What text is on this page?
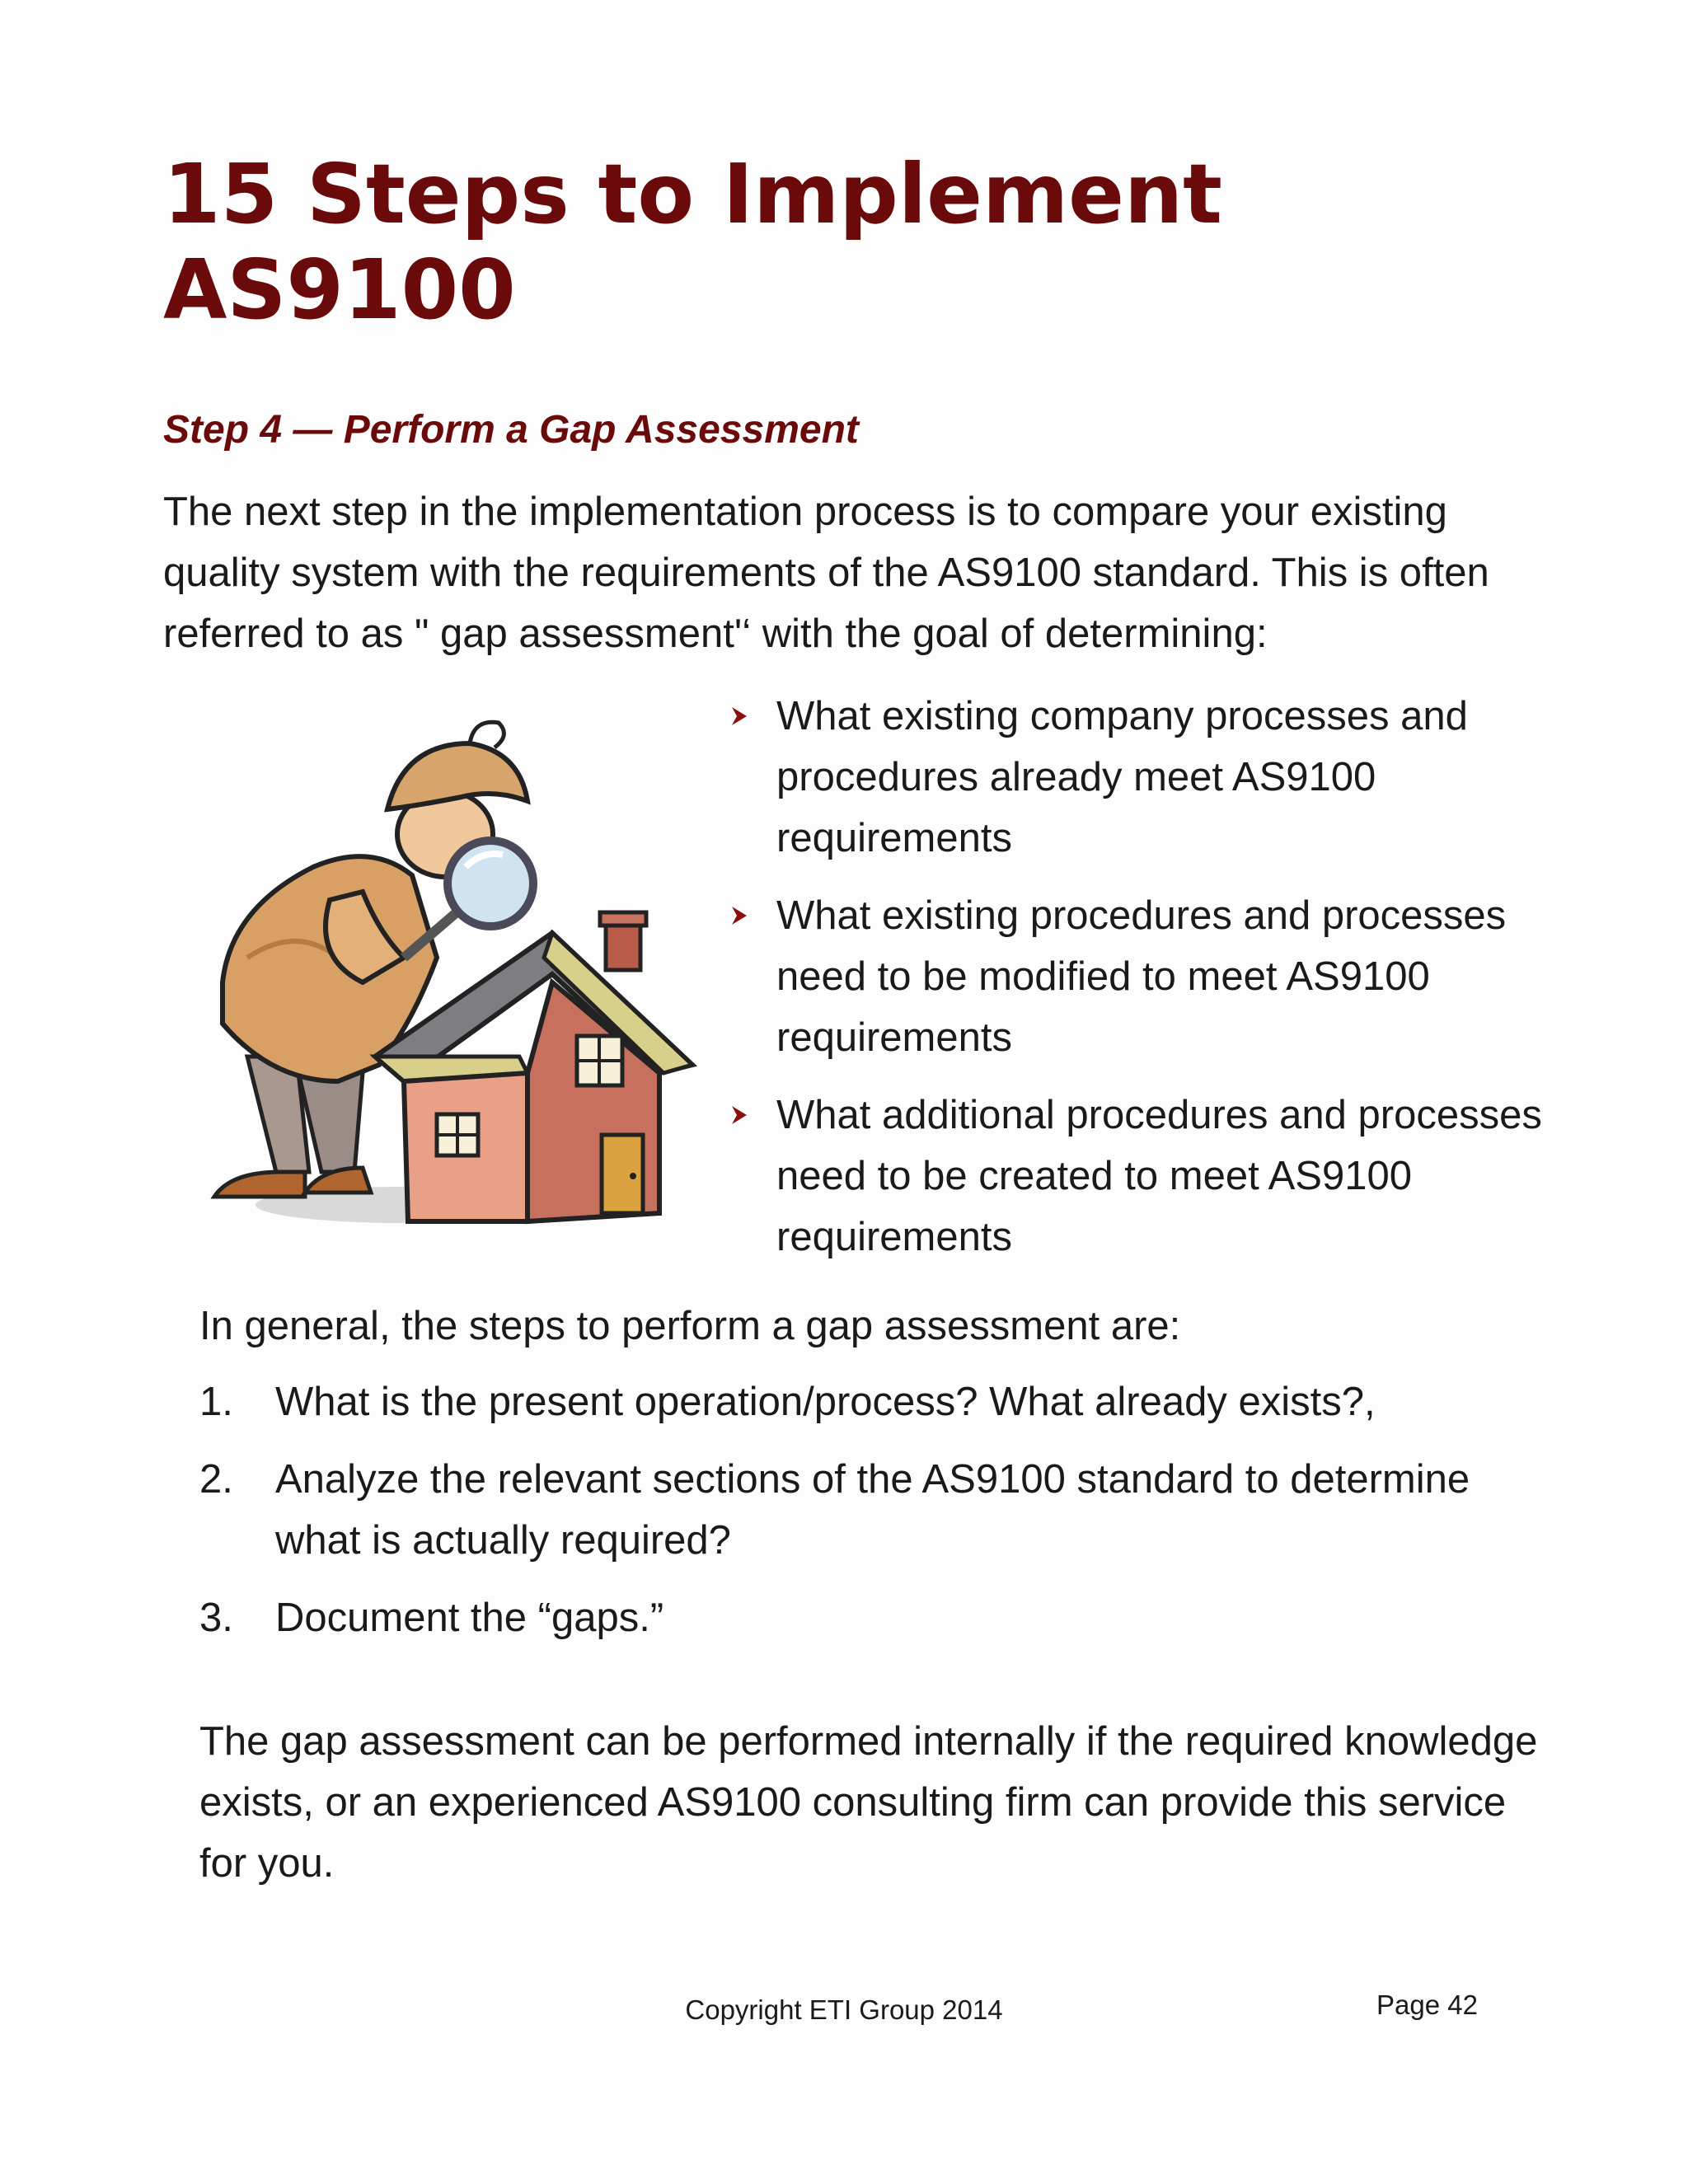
15 Steps to Implement
AS9100
Step 4 — Perform a Gap Assessment

The next step in the implementation process is to compare your existing quality system with the requirements of the AS9100 standard. This is often referred to as " gap assessment'‘ with the goal of determining:

What existing company processes and procedures already meet AS9100 requirements
What existing procedures and processes need to be modified to meet AS9100 requirements
What additional procedures and processes need to be created to meet AS9100 requirements

In general, the steps to perform a gap assessment are:

1. What is the present operation/process? What already exists?,
2. Analyze the relevant sections of the AS9100 standard to determine what is actually required?
3. Document the “gaps.”

The gap assessment can be performed internally if the required knowledge exists, or an experienced AS9100 consulting firm can provide this service for you.

Copyright ETI Group 2014	Page 42
